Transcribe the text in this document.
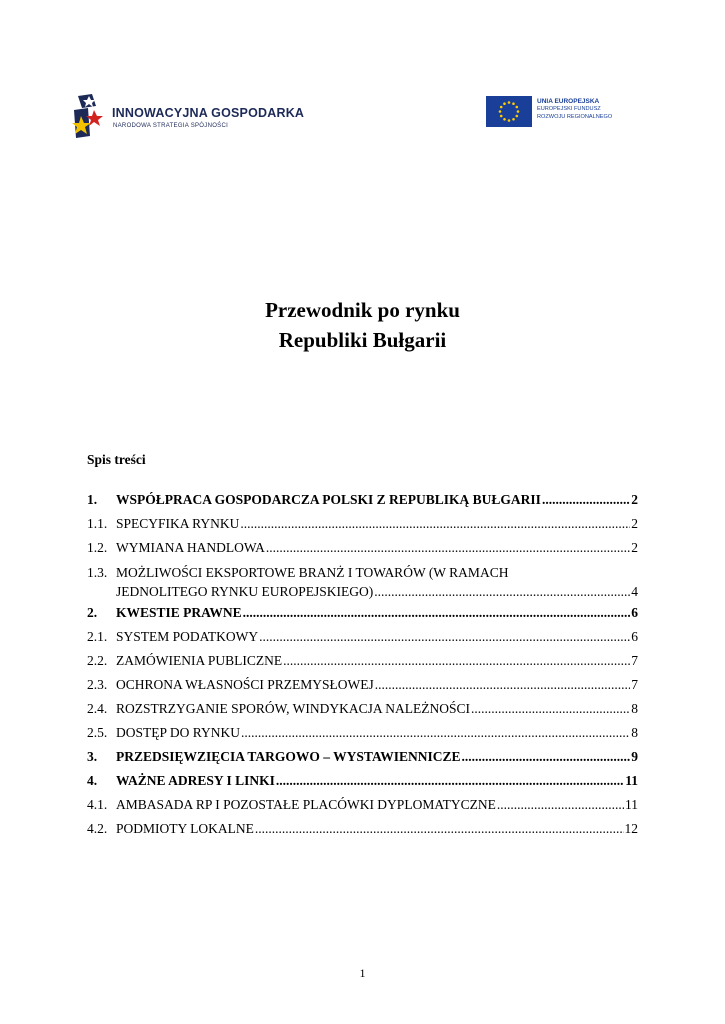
INNOWACYJNA GOSPODARKA
NARODOWA STRATEGIA SPÓJNOŚCI
UNIA EUROPEJSKA
EUROPEJSKI FUNDUSZ
ROZWOJU REGIONALNEGO
Przewodnik po rynku
Republiki Bułgarii
Spis treści
1. WSPÓŁPRACA GOSPODARCZA POLSKI Z REPUBLIKĄ BUŁGARII .....	2
1.1. SPECYFIKA RYNKU .....	2
1.2. WYMIANA HANDLOWA .....	2
1.3. MOŻLIWOŚCI EKSPORTOWE BRANŻ I TOWARÓW (W RAMACH
JEDNOLITEGO RYNKU EUROPEJSKIEGO) .....	4
2. KWESTIE PRAWNE .....	6
2.1. SYSTEM PODATKOWY .....	6
2.2. ZAMÓWIENIA PUBLICZNE .....	7
2.3. OCHRONA WŁASNOŚCI PRZEMYSŁOWEJ .....	7
2.4. ROZSTRZYGANIE SPORÓW, WINDYKACJA NALEŻNOŚCI .....	8
2.5. DOSTĘP DO RYNKU .....	8
3. PRZEDSIĘWZIĘCIA TARGOWO – WYSTAWIENNICZE .....	9
4. WAŻNE ADRESY I LINKI .....	11
4.1. AMBASADA RP I POZOSTAŁE PLACÓWKI DYPLOMATYCZNE .....	11
4.2. PODMIOTY LOKALNE .....	12
1
